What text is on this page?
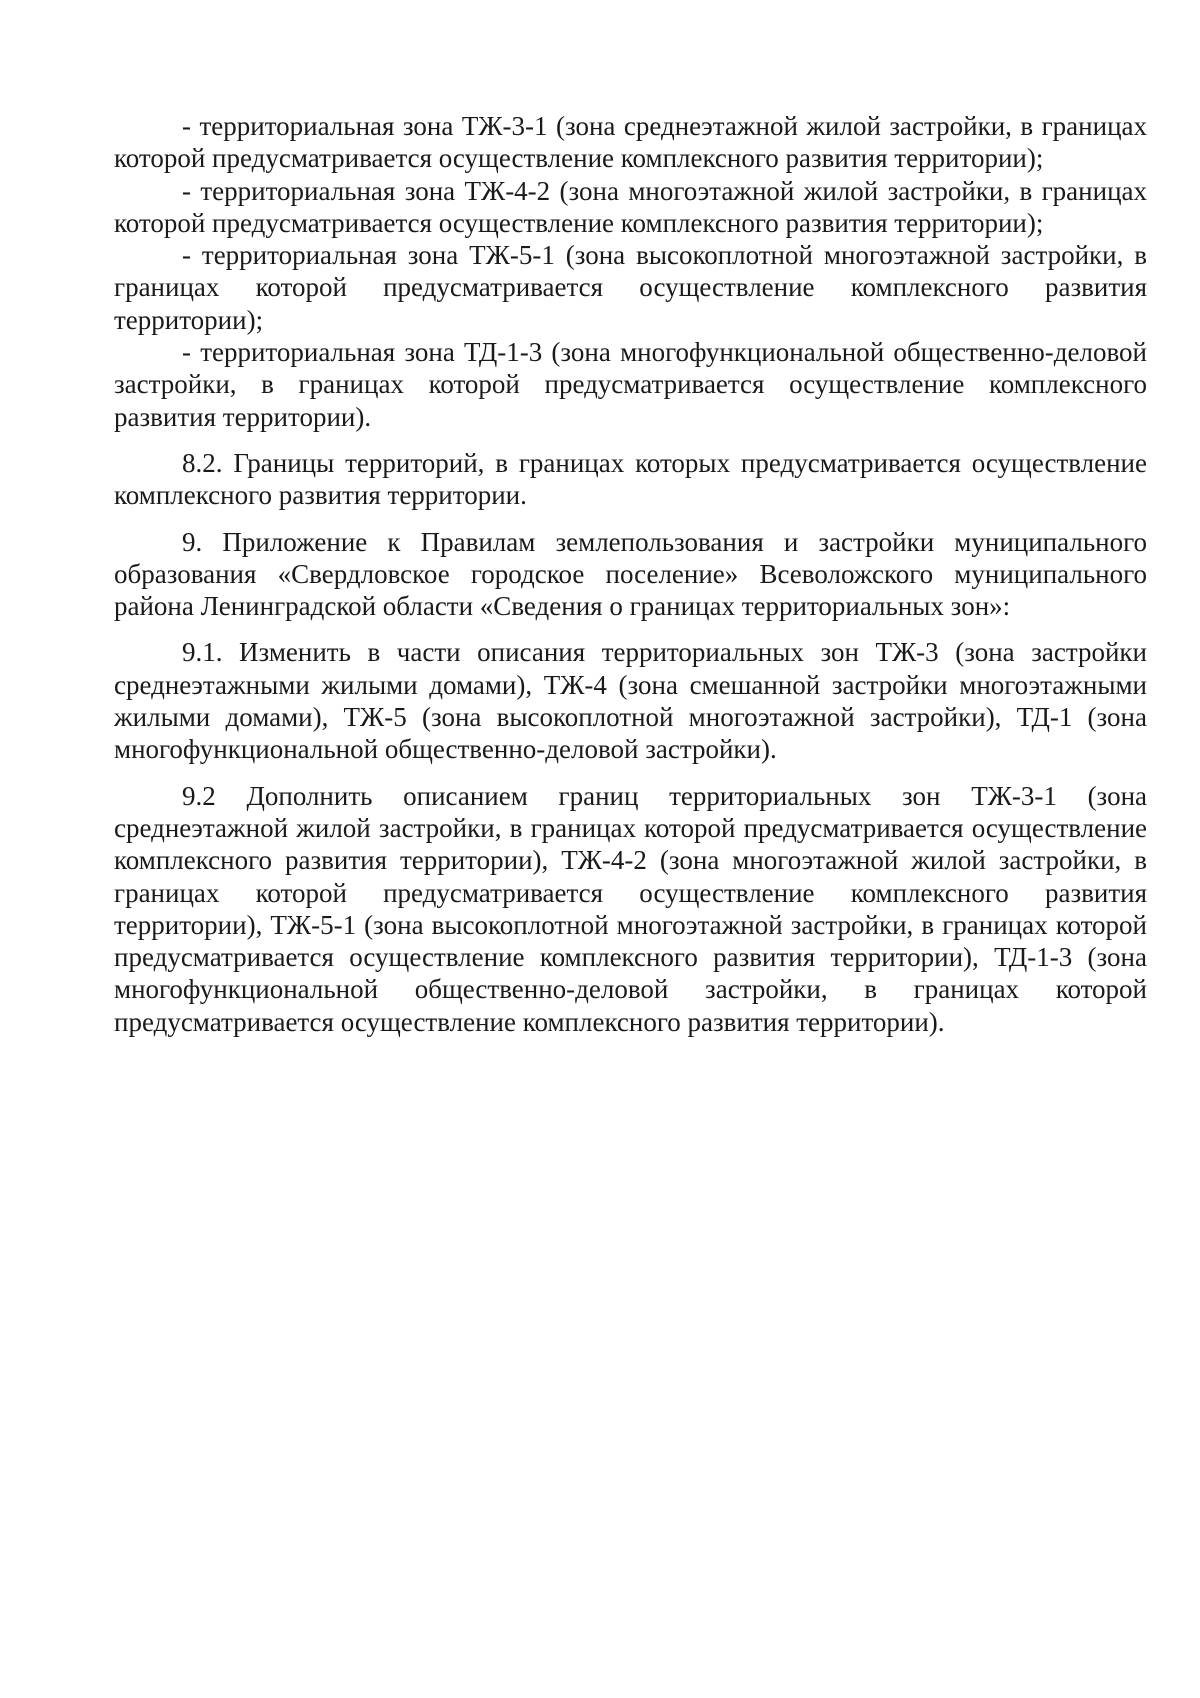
- территориальная зона ТЖ-3-1 (зона среднеэтажной жилой застройки, в границах которой предусматривается осуществление комплексного развития территории);

- территориальная зона ТЖ-4-2 (зона многоэтажной жилой застройки, в границах которой предусматривается осуществление комплексного развития территории);

- территориальная зона ТЖ-5-1 (зона высокоплотной многоэтажной застройки, в границах которой предусматривается осуществление комплексного развития территории);

- территориальная зона ТД-1-3 (зона многофункциональной общественно-деловой застройки, в границах которой предусматривается осуществление комплексного развития территории).

8.2. Границы территорий, в границах которых предусматривается осуществление комплексного развития территории.

9. Приложение к Правилам землепользования и застройки муниципального образования «Свердловское городское поселение» Всеволожского муниципального района Ленинградской области «Сведения о границах территориальных зон»:

9.1. Изменить в части описания территориальных зон ТЖ-3 (зона застройки среднеэтажными жилыми домами), ТЖ-4 (зона смешанной застройки многоэтажными жилыми домами), ТЖ-5 (зона высокоплотной многоэтажной застройки), ТД-1 (зона многофункциональной общественно-деловой застройки).

9.2 Дополнить описанием границ территориальных зон ТЖ-3-1 (зона среднеэтажной жилой застройки, в границах которой предусматривается осуществление комплексного развития территории), ТЖ-4-2 (зона многоэтажной жилой застройки, в границах которой предусматривается осуществление комплексного развития территории), ТЖ-5-1 (зона высокоплотной многоэтажной застройки, в границах которой предусматривается осуществление комплексного развития территории), ТД-1-3 (зона многофункциональной общественно-деловой застройки, в границах которой предусматривается осуществление комплексного развития территории).
